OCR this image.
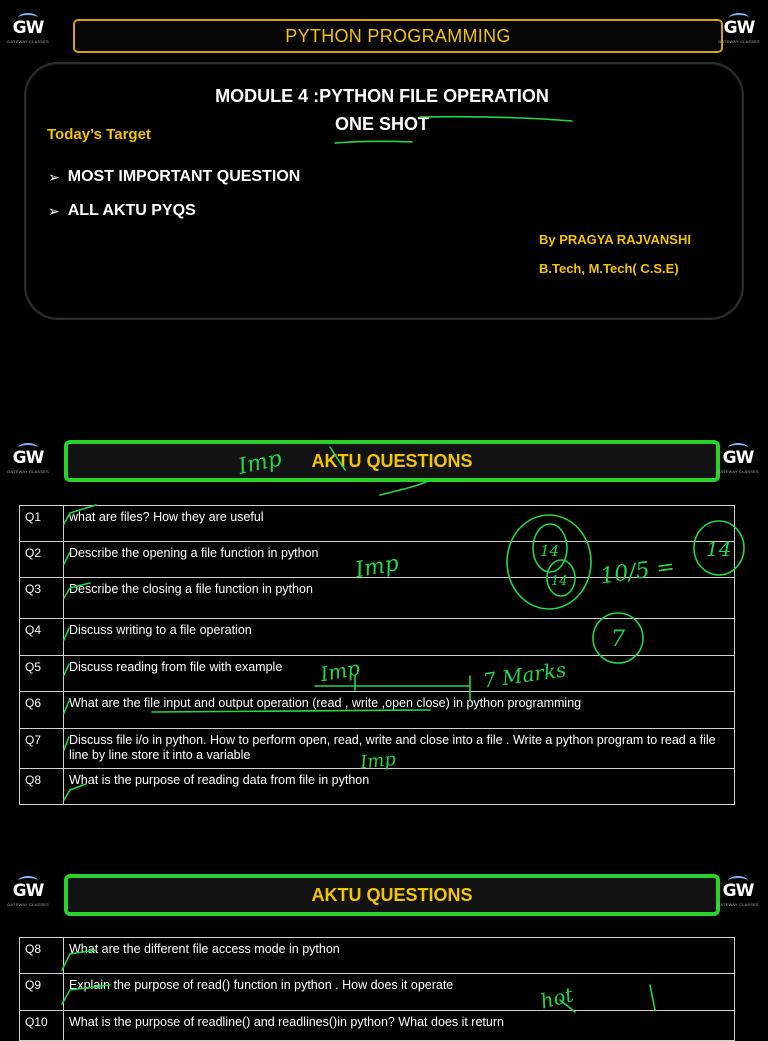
GW
GATEWAY CLASSES	PYTHON PROGRAMMING	GW
GATEWAY CLASSES
MODULE 4 :PYTHON FILE OPERATION
ONE SHOT
Today’s Target
➢ MOST IMPORTANT QUESTION
➢ ALL AKTU PYQS
By PRAGYA RAJVANSHI
B.Tech, M.Tech( C.S.E)
GW
GATEWAY CLASSES
AKTU QUESTIONS	GW
GATEWAY CLASSES
Q1	what are files? How they are useful
Q2	Describe the opening a file function in python
Q3	Describe the closing a file function in python
Q4	Discuss writing to a file operation
Q5	Discuss reading from file with example
Q6	What are the file input and output operation (read , write ,open close) in python programming
Q7	Discuss file i/o in python. How to perform open, read, write and close into a file . Write a python program to read a file line by line store it into a variable
Q8	What is the purpose of reading data from file in python
GW
GATEWAY CLASSES	AKTU QUESTIONS	GW
GATEWAY CLASSES
Q8	What are the different file access mode in python
Q9	Explain the purpose of read() function in python . How does it operate
Q10	What is the purpose of readline() and readlines()in python? What does it return
Imp
Imp
Imp
Imp
14
14 10/5 =
14
7
7 Marks
hot
